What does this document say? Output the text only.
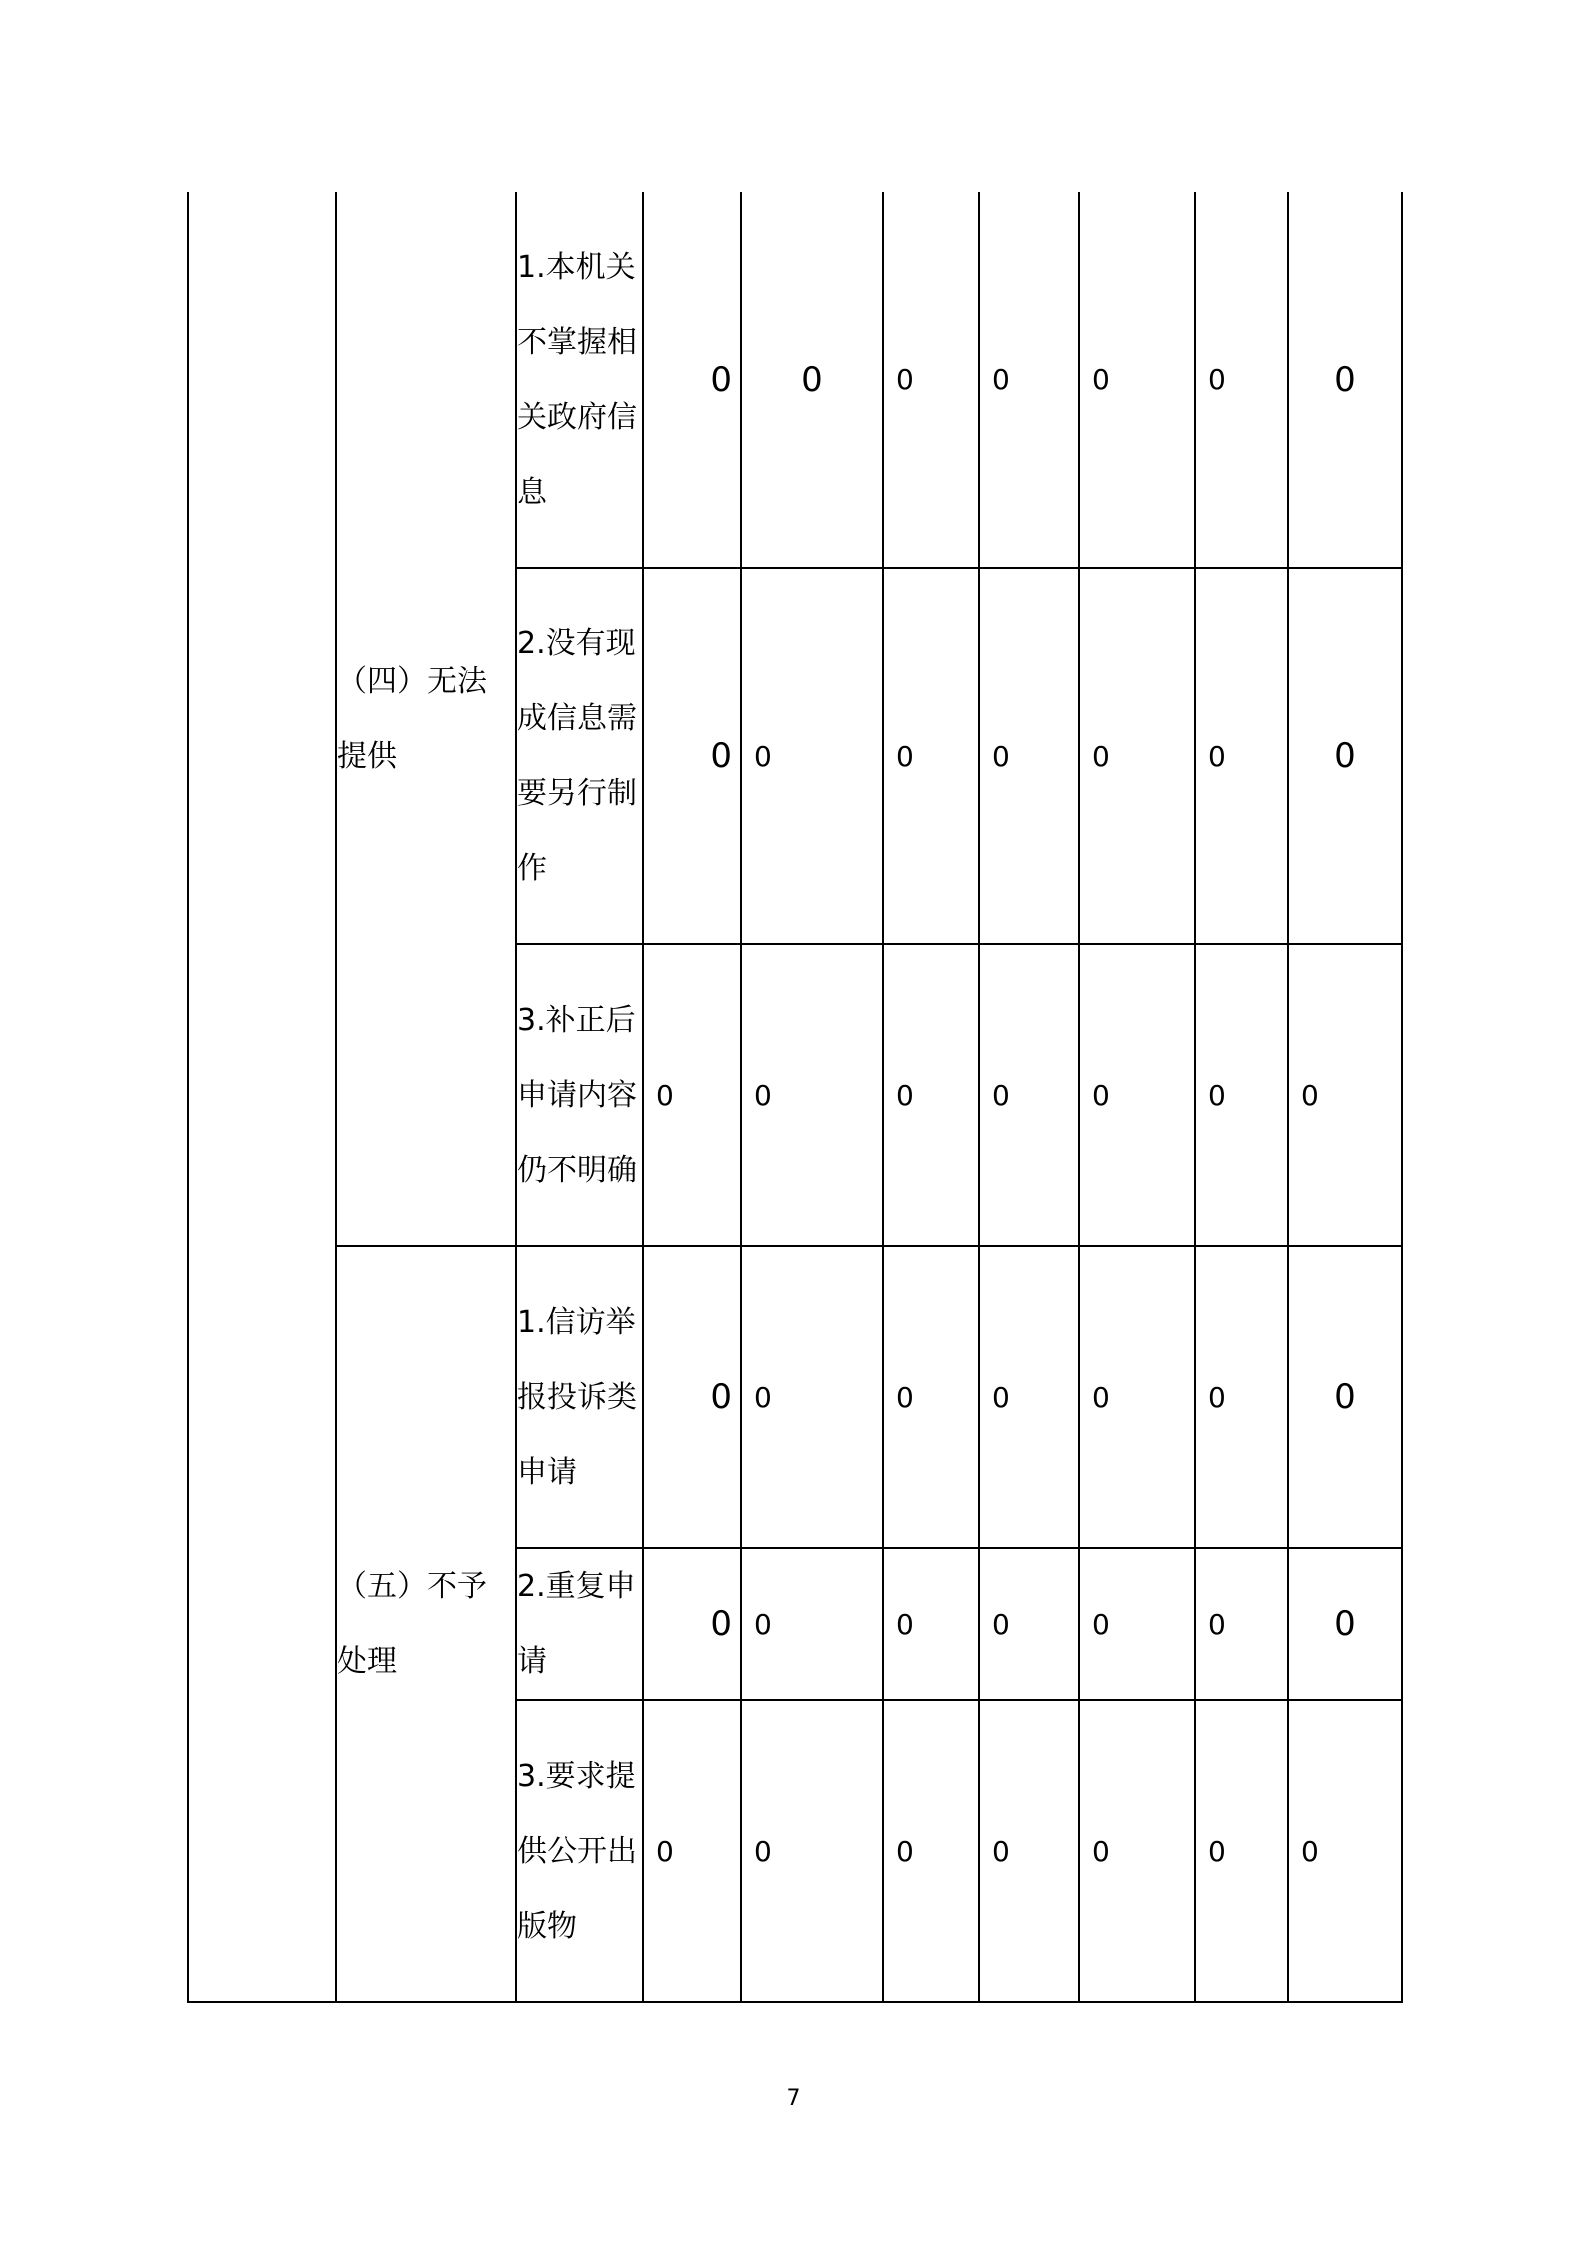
	（四）无法提供	1.本机关不掌握相关政府信息	0	0	0	0	0	0	0
		2.没有现成信息需要另行制作	0	0	0	0	0	0	0
		3.补正后申请内容仍不明确	0	0	0	0	0	0	0
	（五）不予处理	1.信访举报投诉类申请	0	0	0	0	0	0	0
		2.重复申请	0	0	0	0	0	0	0
		3.要求提供公开出版物	0	0	0	0	0	0	0
7
